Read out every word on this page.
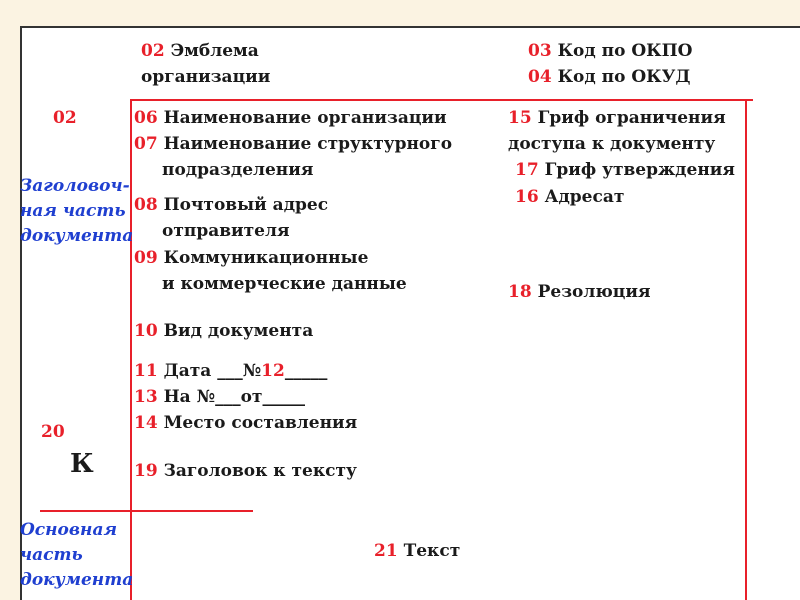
02 Эмблема
организации
03 Код по ОКПО
04 Код по ОКУД
06 Наименование организации
07 Наименование структурного
подразделения
08 Почтовый адрес
отправителя
09 Коммуникационные
и коммерческие данные
10 Вид документа
11 Дата ___№12_____
13 На №___от_____
14 Место составления
19 Заголовок к тексту
21 Текст
15 Гриф ограничения
доступа к документу
17 Гриф утверждения
16 Адресат
18 Резолюция
02
Заголовоч-
ная часть
документа
20
К
Основная
часть
документа
